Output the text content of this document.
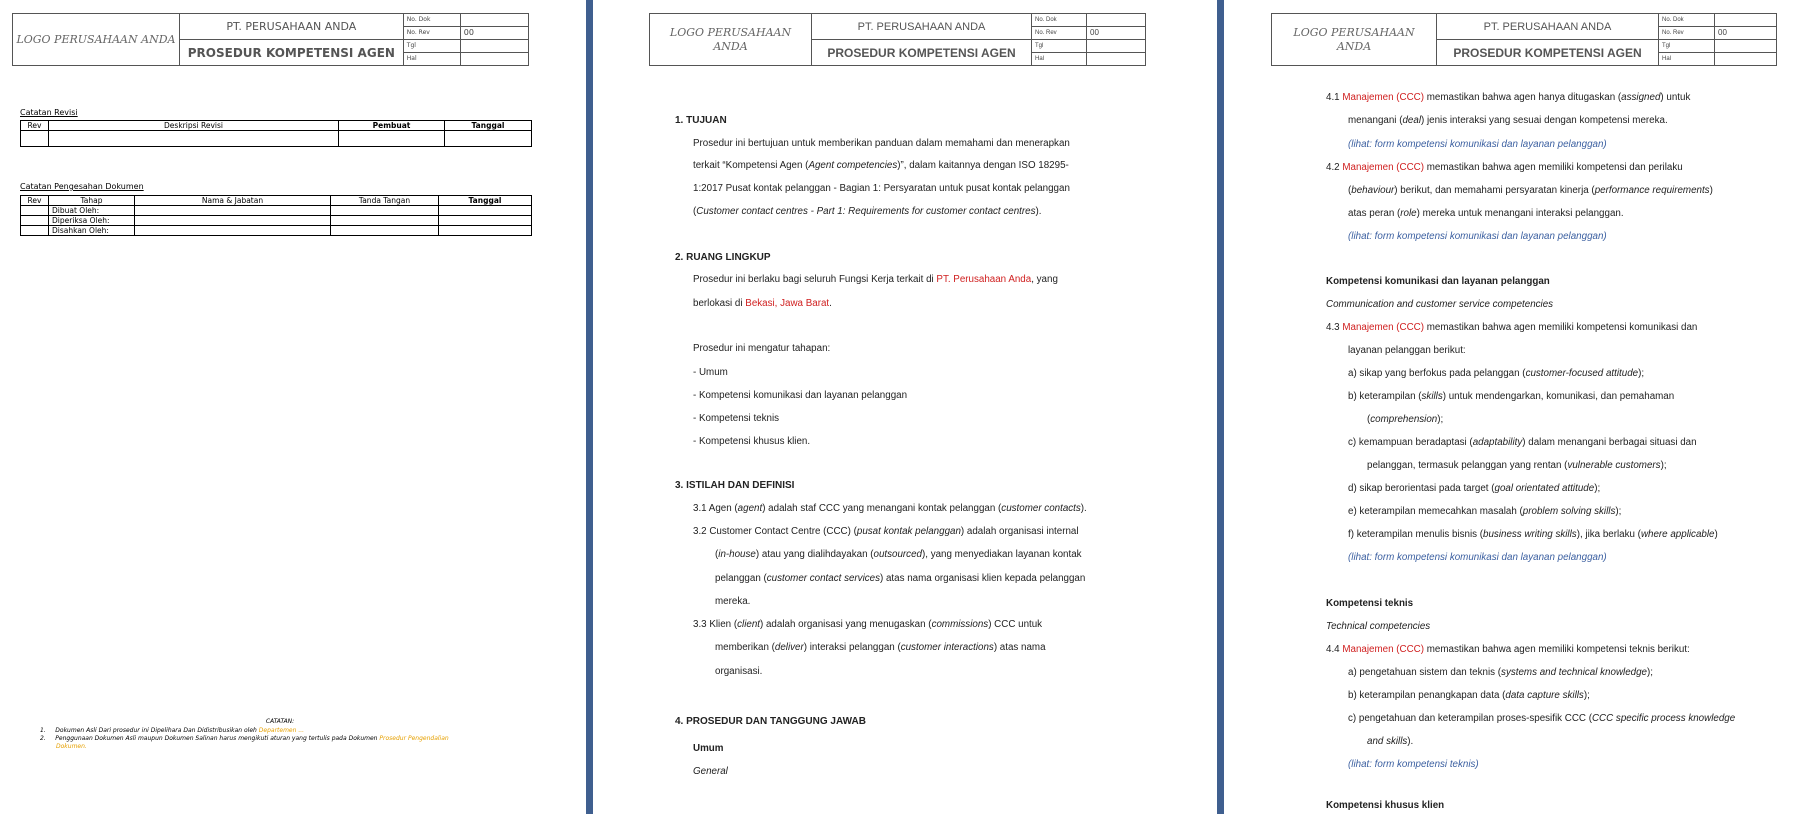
LOGO PERUSAHAAN ANDA	PT. PERUSAHAAN ANDA	No. Dok	
		No. Rev	00
	PROSEDUR KOMPETENSI AGEN	Tgl	
		Hal	
Catatan Revisi
Rev	Deskripsi Revisi	Pembuat	Tanggal

Catatan Pengesahan Dokumen
Rev	Tahap	Nama & Jabatan	Tanda Tangan	Tanggal
	Dibuat Oleh:			
	Diperiksa Oleh:			
	Disahkan Oleh:			
CATATAN:
1. Dokumen Asli Dari prosedur ini Dipelihara Dan Didistribusikan oleh Departemen ...
2. Penggunaan Dokumen Asli maupun Dokumen Salinan harus mengikuti aturan yang tertulis pada Dokumen Prosedur Pengendalian
Dokumen.
LOGO PERUSAHAAN ANDA	PT. PERUSAHAAN ANDA	No. Dok	
		No. Rev	00
	PROSEDUR KOMPETENSI AGEN	Tgl	
		Hal	
1. TUJUAN
Prosedur ini bertujuan untuk memberikan panduan dalam memahami dan menerapkan
terkait “Kompetensi Agen (Agent competencies)”, dalam kaitannya dengan ISO 18295-
1:2017 Pusat kontak pelanggan - Bagian 1: Persyaratan untuk pusat kontak pelanggan
(Customer contact centres - Part 1: Requirements for customer contact centres).
2. RUANG LINGKUP
Prosedur ini berlaku bagi seluruh Fungsi Kerja terkait di PT. Perusahaan Anda, yang
berlokasi di Bekasi, Jawa Barat.
Prosedur ini mengatur tahapan:
- Umum
- Kompetensi komunikasi dan layanan pelanggan
- Kompetensi teknis
- Kompetensi khusus klien.
3. ISTILAH DAN DEFINISI
3.1 Agen (agent) adalah staf CCC yang menangani kontak pelanggan (customer contacts).
3.2 Customer Contact Centre (CCC) (pusat kontak pelanggan) adalah organisasi internal
(in-house) atau yang dialihdayakan (outsourced), yang menyediakan layanan kontak
pelanggan (customer contact services) atas nama organisasi klien kepada pelanggan
mereka.
3.3 Klien (client) adalah organisasi yang menugaskan (commissions) CCC untuk
memberikan (deliver) interaksi pelanggan (customer interactions) atas nama
organisasi.
4. PROSEDUR DAN TANGGUNG JAWAB
Umum
General
LOGO PERUSAHAAN ANDA	PT. PERUSAHAAN ANDA	No. Dok	
		No. Rev	00
	PROSEDUR KOMPETENSI AGEN	Tgl	
		Hal	
4.1 Manajemen (CCC) memastikan bahwa agen hanya ditugaskan (assigned) untuk
menangani (deal) jenis interaksi yang sesuai dengan kompetensi mereka.
(lihat: form kompetensi komunikasi dan layanan pelanggan)
4.2 Manajemen (CCC) memastikan bahwa agen memiliki kompetensi dan perilaku
(behaviour) berikut, dan memahami persyaratan kinerja (performance requirements)
atas peran (role) mereka untuk menangani interaksi pelanggan.
(lihat: form kompetensi komunikasi dan layanan pelanggan)
Kompetensi komunikasi dan layanan pelanggan
Communication and customer service competencies
4.3 Manajemen (CCC) memastikan bahwa agen memiliki kompetensi komunikasi dan
layanan pelanggan berikut:
a) sikap yang berfokus pada pelanggan (customer-focused attitude);
b) keterampilan (skills) untuk mendengarkan, komunikasi, dan pemahaman
(comprehension);
c) kemampuan beradaptasi (adaptability) dalam menangani berbagai situasi dan
pelanggan, termasuk pelanggan yang rentan (vulnerable customers);
d) sikap berorientasi pada target (goal orientated attitude);
e) keterampilan memecahkan masalah (problem solving skills);
f) keterampilan menulis bisnis (business writing skills), jika berlaku (where applicable)
(lihat: form kompetensi komunikasi dan layanan pelanggan)
Kompetensi teknis
Technical competencies
4.4 Manajemen (CCC) memastikan bahwa agen memiliki kompetensi teknis berikut:
a) pengetahuan sistem dan teknis (systems and technical knowledge);
b) keterampilan penangkapan data (data capture skills);
c) pengetahuan dan keterampilan proses-spesifik CCC (CCC specific process knowledge
and skills).
(lihat: form kompetensi teknis)
Kompetensi khusus klien
